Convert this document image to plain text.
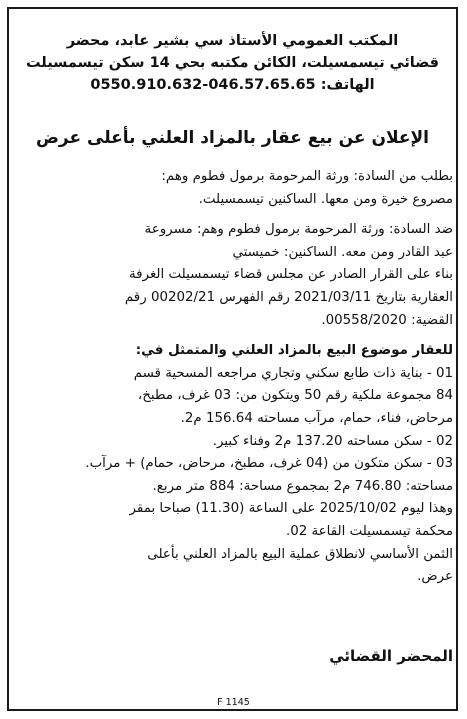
المكتب العمومي الأستاذ سي بشير عابد، محضر
قضائي تيسمسيلت، الكائن مكتبه بحي 14 سكن تيسمسيلت
الهاتف: 046.57.65.65-0550.910.632
الإعلان عن بيع عقار بالمزاد العلني بأعلى عرض
بطلب من السادة: ورثة المرحومة برمول فطوم وهم:
مصروع خيرة ومن معها. الساكنين تيسمسيلت.
ضد السادة: ورثة المرحومة برمول فطوم وهم: مسروعة
عبد القادر ومن معه. الساكنين: خميستي
بناء على القرار الصادر عن مجلس قضاء تيسمسيلت الغرفة
العقارية بتاريخ 2021/03/11 رقم الفهرس 00202/21 رقم
القضية: 00558/2020.
للعقار موضوع البيع بالمزاد العلني والمتمثل في:
01 - بناية ذات طابع سكني وتجاري مراجعه المسحية قسم
84 مجموعة ملكية رقم 50 ويتكون من: 03 غرف، مطبخ،
مرحاض، فناء، حمام، مرآب مساحته 156.64 م2.
02 - سكن مساحته 137.20 م2 وفناء كبير.
03 - سكن متكون من (04 غرف، مطبخ، مرحاض، حمام) + مرآب.
مساحته: 746.80 م2 بمجموع مساحة: 884 متر مربع.
وهذا ليوم 2025/10/02 على الساعة (11.30) صباحا بمقر
محكمة تيسمسيلت القاعة 02.
الثمن الأساسي لانطلاق عملية البيع بالمزاد العلني بأعلى
عرض.
المحضر القضائي
F 1145
